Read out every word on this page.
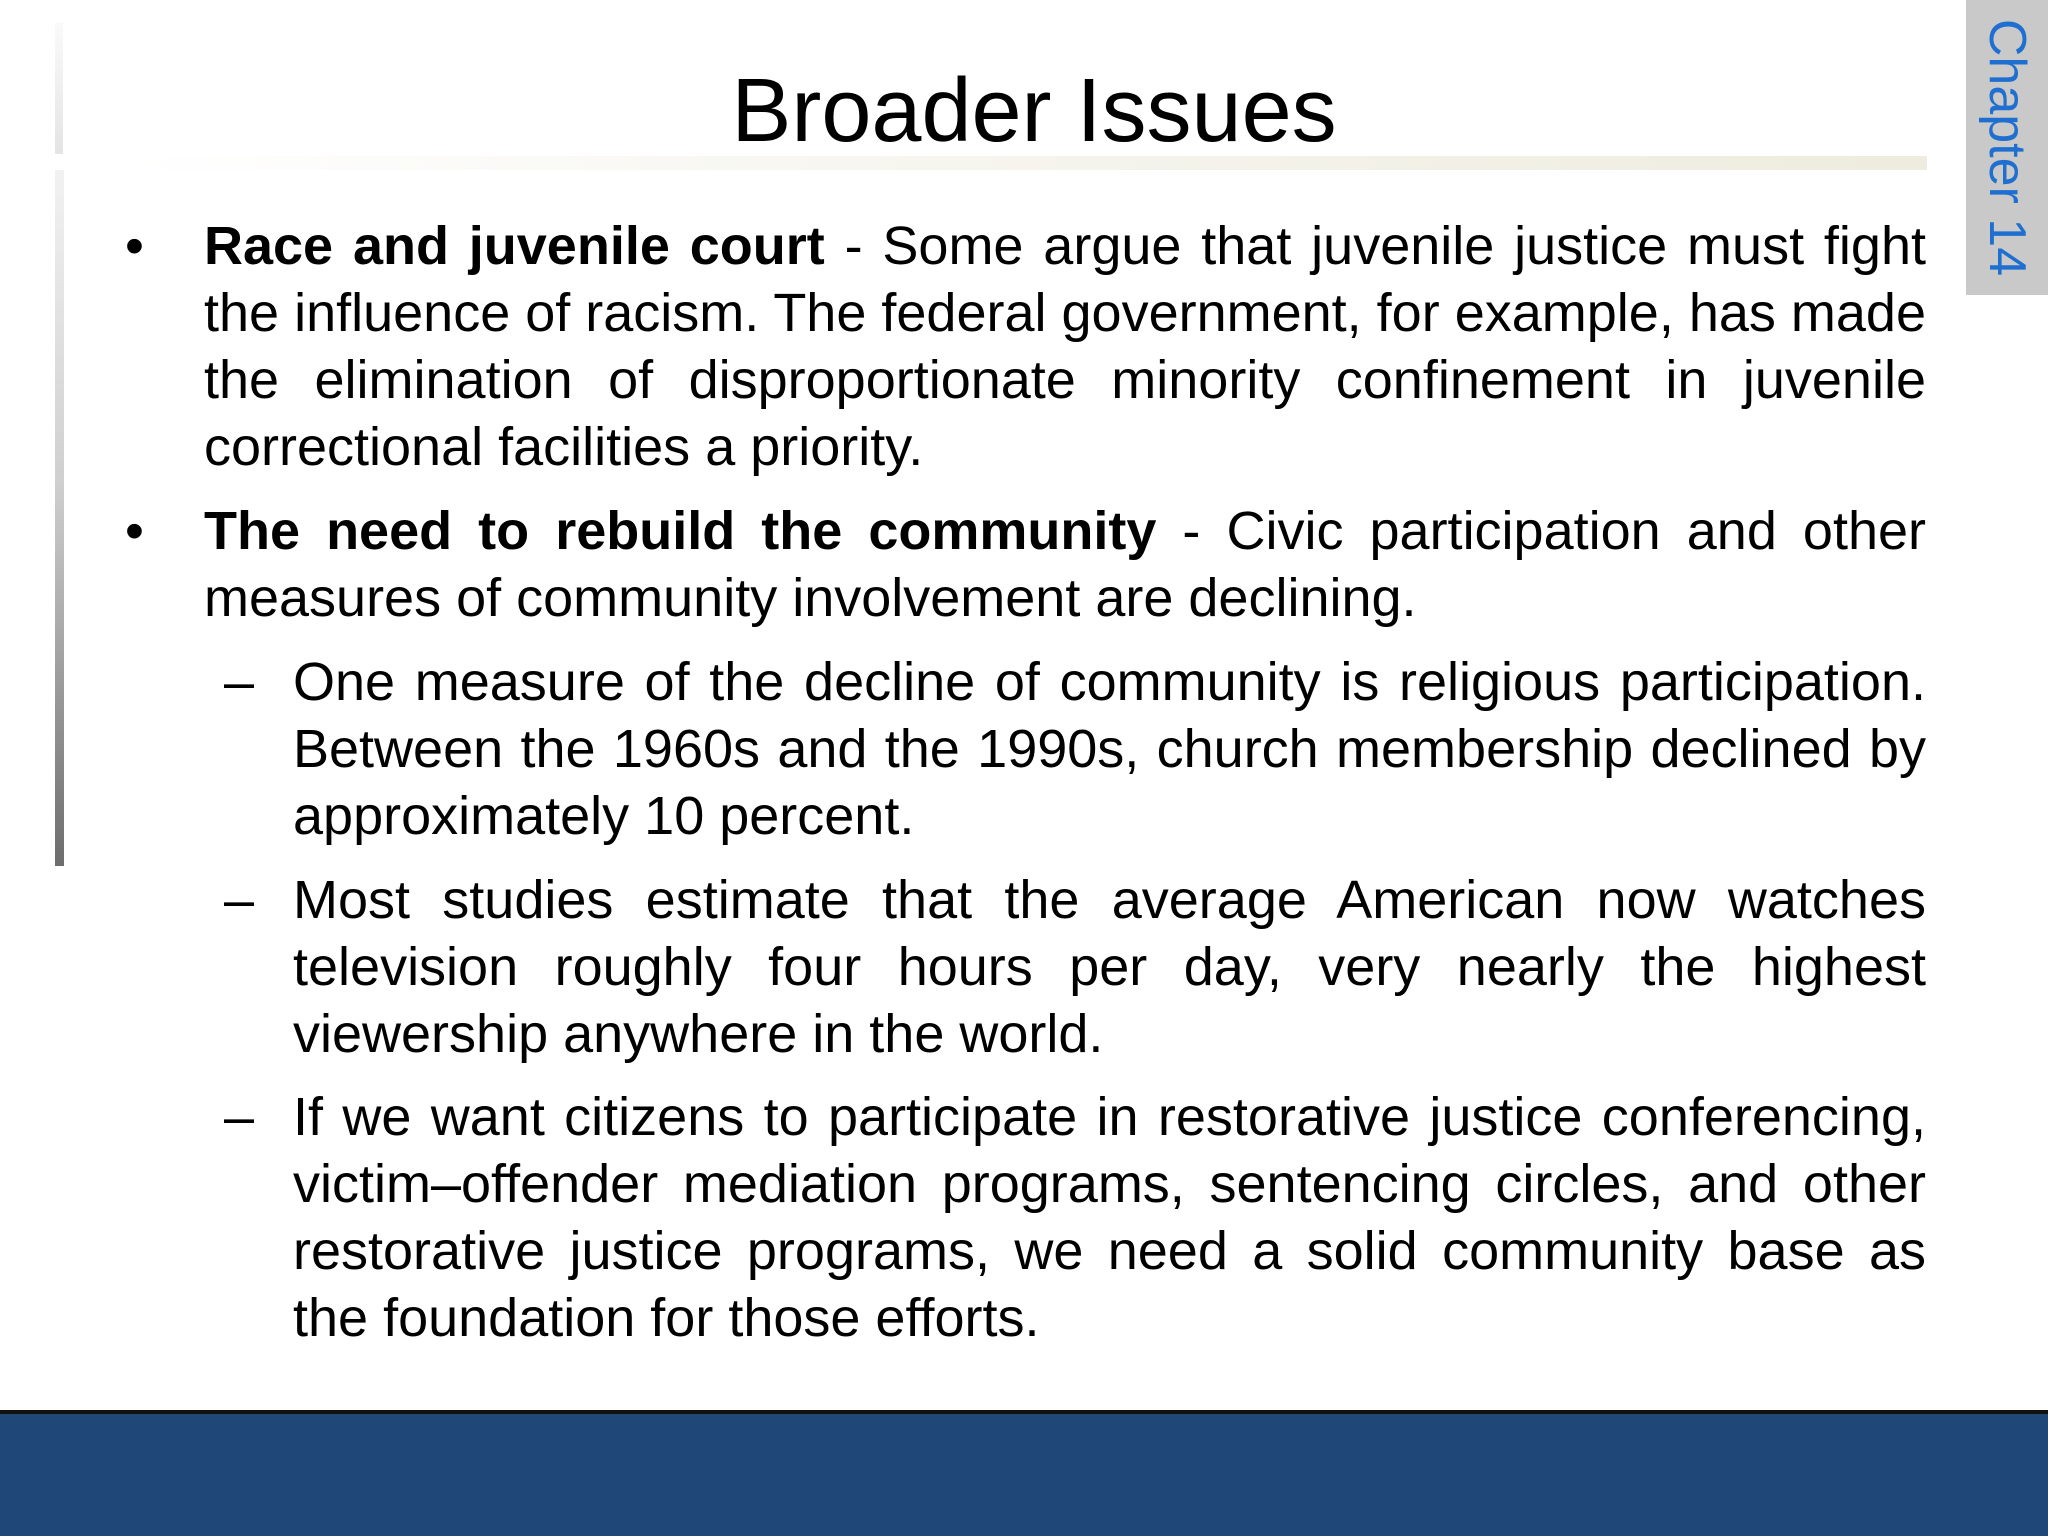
Broader Issues	Chapter 14
• Race and juvenile court - Some argue that juvenile justice must fight the influence of racism. The federal government, for example, has made the elimination of disproportionate minority confinement in juvenile correctional facilities a priority.

• The need to rebuild the community - Civic participation and other measures of community involvement are declining.

– One measure of the decline of community is religious participation. Between the 1960s and the 1990s, church membership declined by approximately 10 percent.

– Most studies estimate that the average American now watches television roughly four hours per day, very nearly the highest viewership anywhere in the world.

– If we want citizens to participate in restorative justice conferencing, victim–offender mediation programs, sentencing circles, and other restorative justice programs, we need a solid community base as the foundation for those efforts.
